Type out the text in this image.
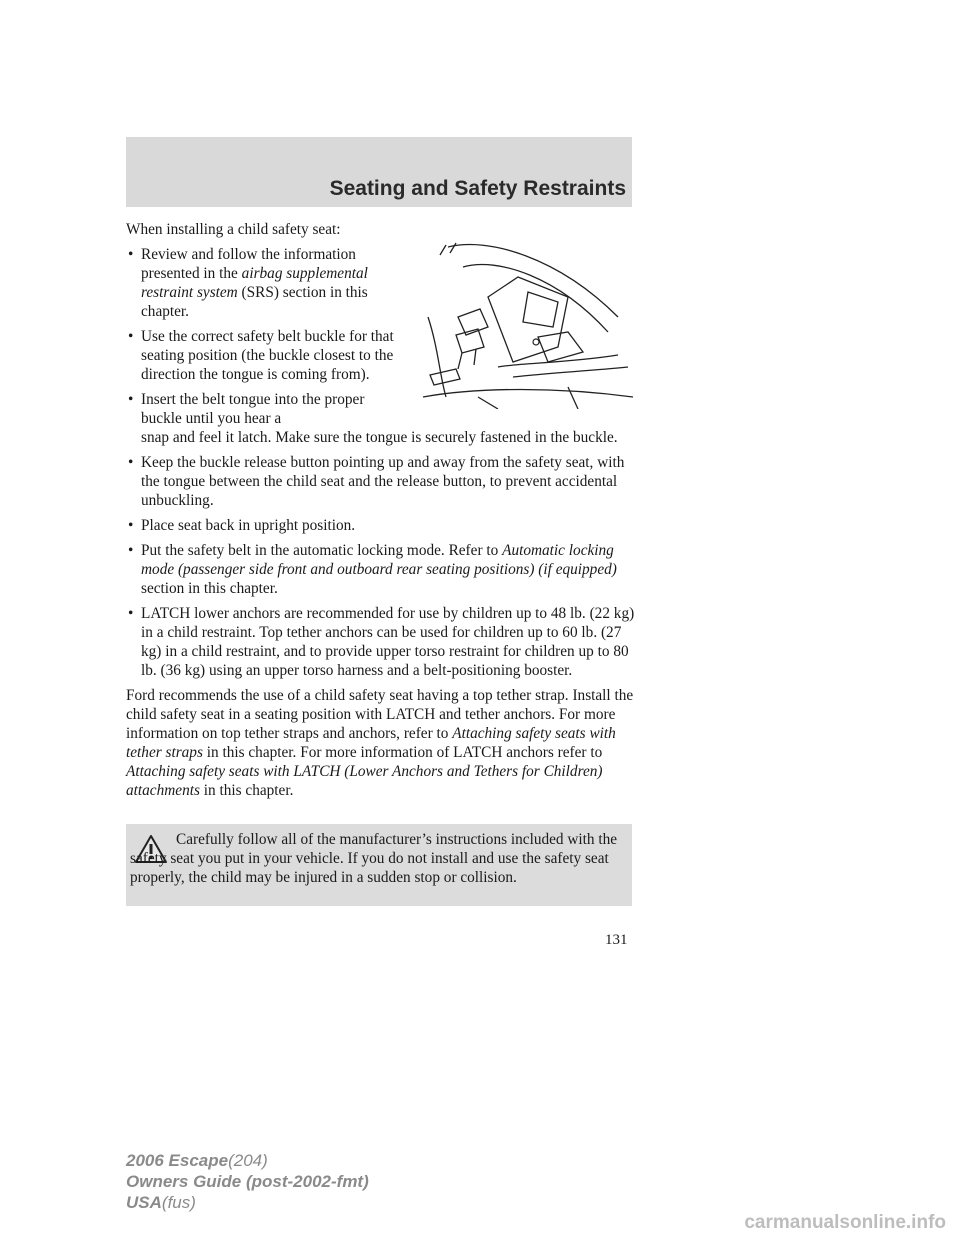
Seating and Safety Restraints

When installing a child safety seat:

• Review and follow the information presented in the airbag supplemental restraint system (SRS) section in this chapter.
• Use the correct safety belt buckle for that seating position (the buckle closest to the direction the tongue is coming from).
• Insert the belt tongue into the proper buckle until you hear a
snap and feel it latch. Make sure the tongue is securely fastened in the buckle.
• Keep the buckle release button pointing up and away from the safety seat, with the tongue between the child seat and the release button, to prevent accidental unbuckling.
• Place seat back in upright position.
• Put the safety belt in the automatic locking mode. Refer to Automatic locking mode (passenger side front and outboard rear seating positions) (if equipped) section in this chapter.
• LATCH lower anchors are recommended for use by children up to 48 lb. (22 kg) in a child restraint. Top tether anchors can be used for children up to 60 lb. (27 kg) in a child restraint, and to provide upper torso restraint for children up to 80 lb. (36 kg) using an upper torso harness and a belt-positioning booster.

Ford recommends the use of a child safety seat having a top tether strap. Install the child safety seat in a seating position with LATCH and tether anchors. For more information on top tether straps and anchors, refer to Attaching safety seats with tether straps in this chapter. For more information of LATCH anchors refer to Attaching safety seats with LATCH (Lower Anchors and Tethers for Children) attachments in this chapter.

Carefully follow all of the manufacturer’s instructions included with the safety seat you put in your vehicle. If you do not install and use the safety seat properly, the child may be injured in a sudden stop or collision.
131
2006 Escape(204)
Owners Guide (post-2002-fmt)
USA(fus)
carmanualsonline.info
